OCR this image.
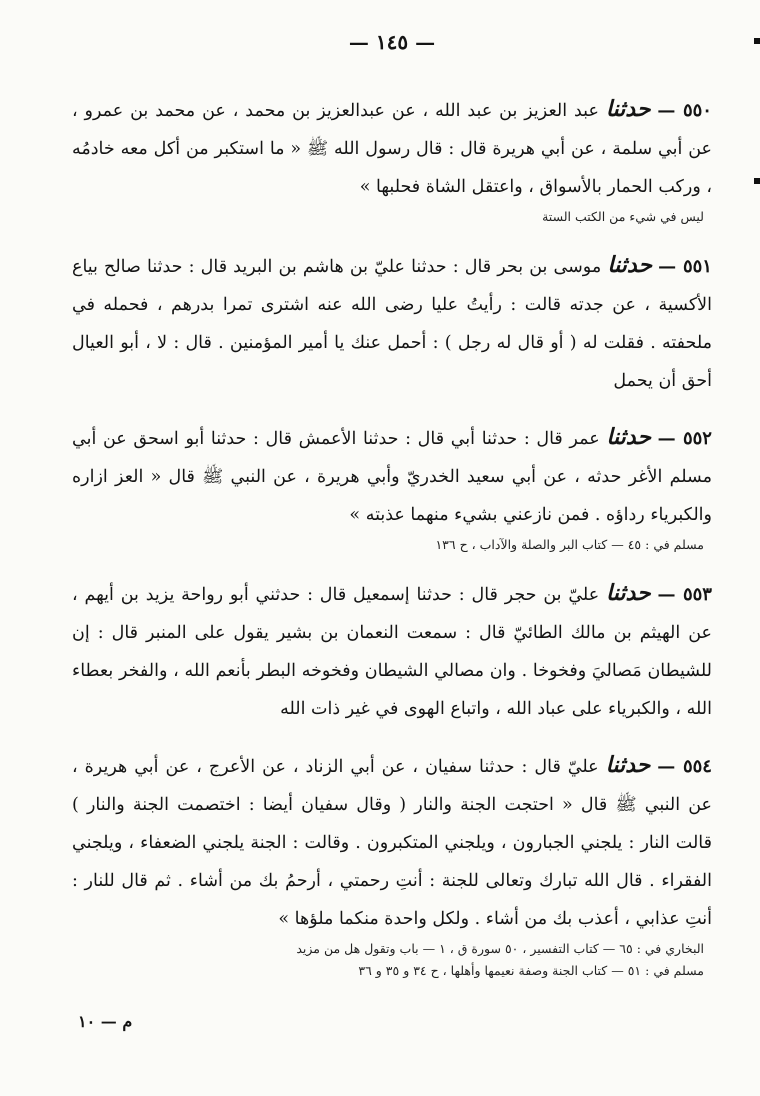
— ١٤٥ —

٥٥٠ — حدثنا عبد العزيز بن عبد الله ، عن عبدالعزيز بن محمد ، عن محمد بن عمرو ، عن أبي سلمة ، عن أبي هريرة قال : قال رسول الله ﷺ « ما استكبر من أكل معه خادمُه ، وركب الحمار بالأسواق ، واعتقل الشاة فحلبها »

ليس في شيء من الكتب الستة

٥٥١ — حدثنا موسى بن بحر قال : حدثنا عليّ بن هاشم بن البريد قال : حدثنا صالح بياع الأكسية ، عن جدته قالت : رأيتُ عليا رضى الله عنه اشترى تمرا بدرهم ، فحمله في ملحفته . فقلت له ( أو قال له رجل ) : أحمل عنك يا أمير المؤمنين . قال : لا ، أبو العيال أحق أن يحمل

٥٥٢ — حدثنا عمر قال : حدثنا أبي قال : حدثنا الأعمش قال : حدثنا أبو اسحق عن أبي مسلم الأغر حدثه ، عن أبي سعيد الخدريّ وأبي هريرة ، عن النبي ﷺ قال « العز ازاره والكبرياء رداؤه . فمن نازعني بشيء منهما عذبته »

مسلم في : ٤٥ — كتاب البر والصلة والآداب ، ح ١٣٦

٥٥٣ — حدثنا عليّ بن حجر قال : حدثنا إسمعيل قال : حدثني أبو رواحة يزيد بن أيهم ، عن الهيثم بن مالك الطائيّ قال : سمعت النعمان بن بشير يقول على المنبر قال : إن للشيطان مَصاليَ وفخوخا . وان مصالي الشيطان وفخوخه البطر بأنعم الله ، والفخر بعطاء الله ، والكبرياء على عباد الله ، واتباع الهوى في غير ذات الله

٥٥٤ — حدثنا عليّ قال : حدثنا سفيان ، عن أبي الزناد ، عن الأعرج ، عن أبي هريرة ، عن النبي ﷺ قال « احتجت الجنة والنار ( وقال سفيان أيضا : اختصمت الجنة والنار ) قالت النار : يلجني الجبارون ، ويلجني المتكبرون . وقالت : الجنة يلجني الضعفاء ، ويلجني الفقراء . قال الله تبارك وتعالى للجنة : أنتِ رحمتي ، أرحمُ بك من أشاء . ثم قال للنار : أنتِ عذابي ، أعذب بك من أشاء . ولكل واحدة منكما ملؤها »

البخاري في : ٦٥ — كتاب التفسير ، ٥٠ سورة ق ، ١ — باب وتقول هل من مزيد

مسلم في : ٥١ — كتاب الجنة وصفة نعيمها وأهلها ، ح ٣٤ و ٣٥ و ٣٦

م — ١٠
